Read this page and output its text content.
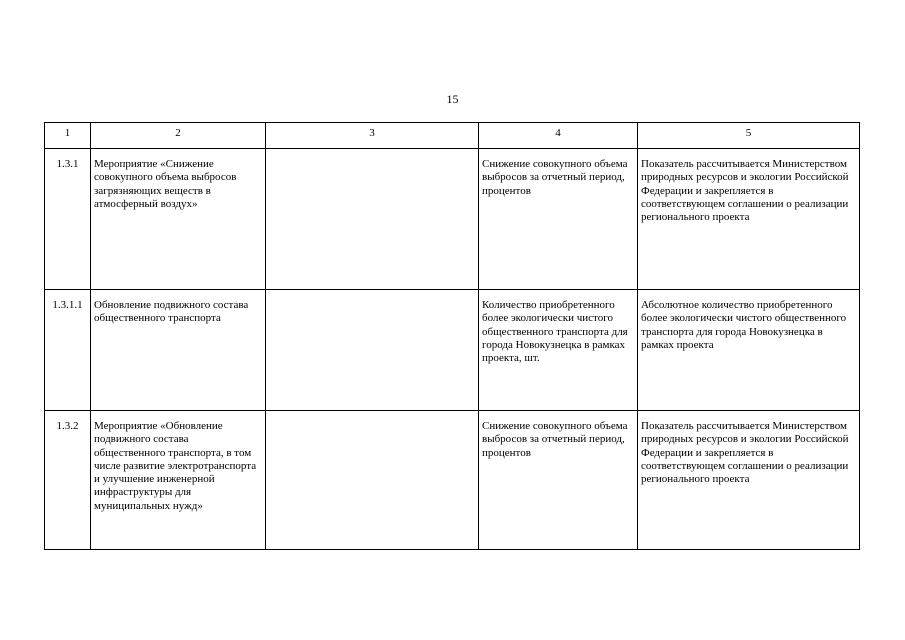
15
1	2	3	4	5
1.3.1	Мероприятие «Снижение совокупного объема выбросов загрязняющих веществ в атмосферный воздух»		Снижение совокупного объема выбросов за отчетный период, процентов	Показатель рассчитывается Министерством природных ресурсов и экологии Российской Федерации и закрепляется в соответствующем соглашении о реализации регионального проекта
1.3.1.1	Обновление подвижного состава общественного транспорта		Количество приобретенного более экологически чистого общественного транспорта для города Новокузнецка в рамках проекта, шт.	Абсолютное количество приобретенного более экологически чистого общественного транспорта для города Новокузнецка в рамках проекта
1.3.2	Мероприятие «Обновление подвижного состава общественного транспорта, в том числе развитие электротранспорта и улучшение инженерной инфраструктуры для муниципальных нужд»		Снижение совокупного объема выбросов за отчетный период, процентов	Показатель рассчитывается Министерством природных ресурсов и экологии Российской Федерации и закрепляется в соответствующем соглашении о реализации регионального проекта
